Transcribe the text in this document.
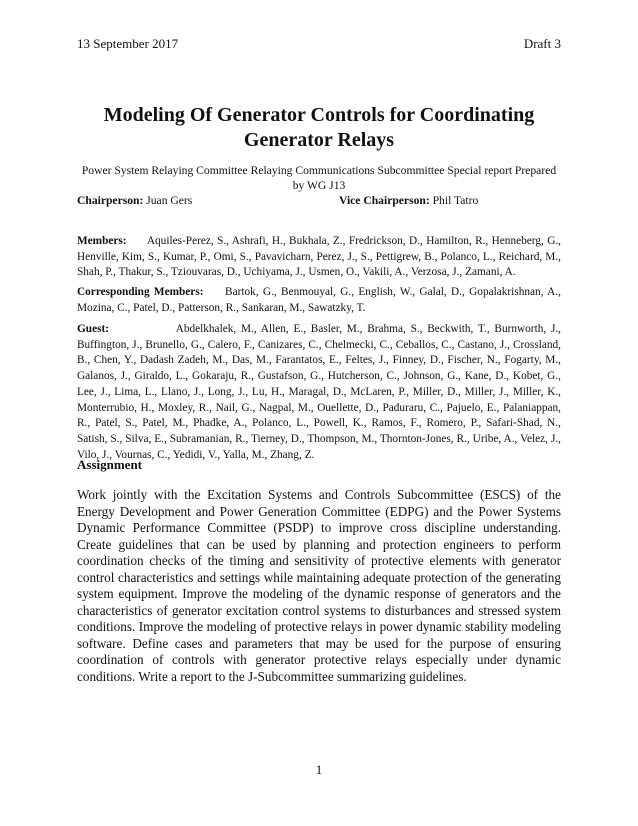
13 September 2017	Draft 3
Modeling Of Generator Controls for Coordinating Generator Relays
Power System Relaying Committee Relaying Communications Subcommittee Special report Prepared by WG J13
Chairperson: Juan Gers	Vice Chairperson: Phil Tatro
Members: Aquiles-Perez, S., Ashrafi, H., Bukhala, Z., Fredrickson, D., Hamilton, R., Henneberg, G., Henville, Kim, S., Kumar, P., Omi, S., Pavavicharn, Perez, J., S., Pettigrew, B., Polanco, L., Reichard, M., Shah, P., Thakur, S., Tziouvaras, D., Uchiyama, J., Usmen, O., Vakili, A., Verzosa, J., Zamani, A.
Corresponding Members: Bartok, G., Benmouyal, G., English, W., Galal, D., Gopalakrishnan, A., Mozina, C., Patel, D., Patterson, R., Sankaran, M., Sawatzky, T.
Guest:	Abdelkhalek, M., Allen, E., Basler, M., Brahma, S., Beckwith, T., Burnworth, J., Buffington, J., Brunello, G., Calero, F., Canizares, C., Chelmecki, C., Ceballos, C., Castano, J., Crossland, B., Chen, Y., Dadash Zadeh, M., Das, M., Farantatos, E., Feltes, J., Finney, D., Fischer, N., Fogarty, M., Galanos, J., Giraldo, L., Gokaraju, R., Gustafson, G., Hutcherson, C., Johnson, G., Kane, D., Kobet, G., Lee, J., Lima, L., Llano, J., Long, J., Lu, H., Maragal, D., McLaren, P., Miller, D., Miller, J., Miller, K., Monterrubio, H., Moxley, R., Nail, G., Nagpal, M., Ouellette, D., Paduraru, C., Pajuelo, E., Palaniappan, R., Patel, S., Patel, M., Phadke, A., Polanco, L., Powell, K., Ramos, F., Romero, P., Safari-Shad, N., Satish, S., Silva, E., Subramanian, R., Tierney, D., Thompson, M., Thornton-Jones, R., Uribe, A., Velez, J., Vilo, J., Vournas, C., Yedidi, V., Yalla, M., Zhang, Z.
Assignment
Work jointly with the Excitation Systems and Controls Subcommittee (ESCS) of the Energy Development and Power Generation Committee (EDPG) and the Power Systems Dynamic Performance Committee (PSDP) to improve cross discipline understanding. Create guidelines that can be used by planning and protection engineers to perform coordination checks of the timing and sensitivity of protective elements with generator control characteristics and settings while maintaining adequate protection of the generating system equipment. Improve the modeling of the dynamic response of generators and the characteristics of generator excitation control systems to disturbances and stressed system conditions. Improve the modeling of protective relays in power dynamic stability modeling software. Define cases and parameters that may be used for the purpose of ensuring coordination of controls with generator protective relays especially under dynamic conditions. Write a report to the J-Subcommittee summarizing guidelines.
1
